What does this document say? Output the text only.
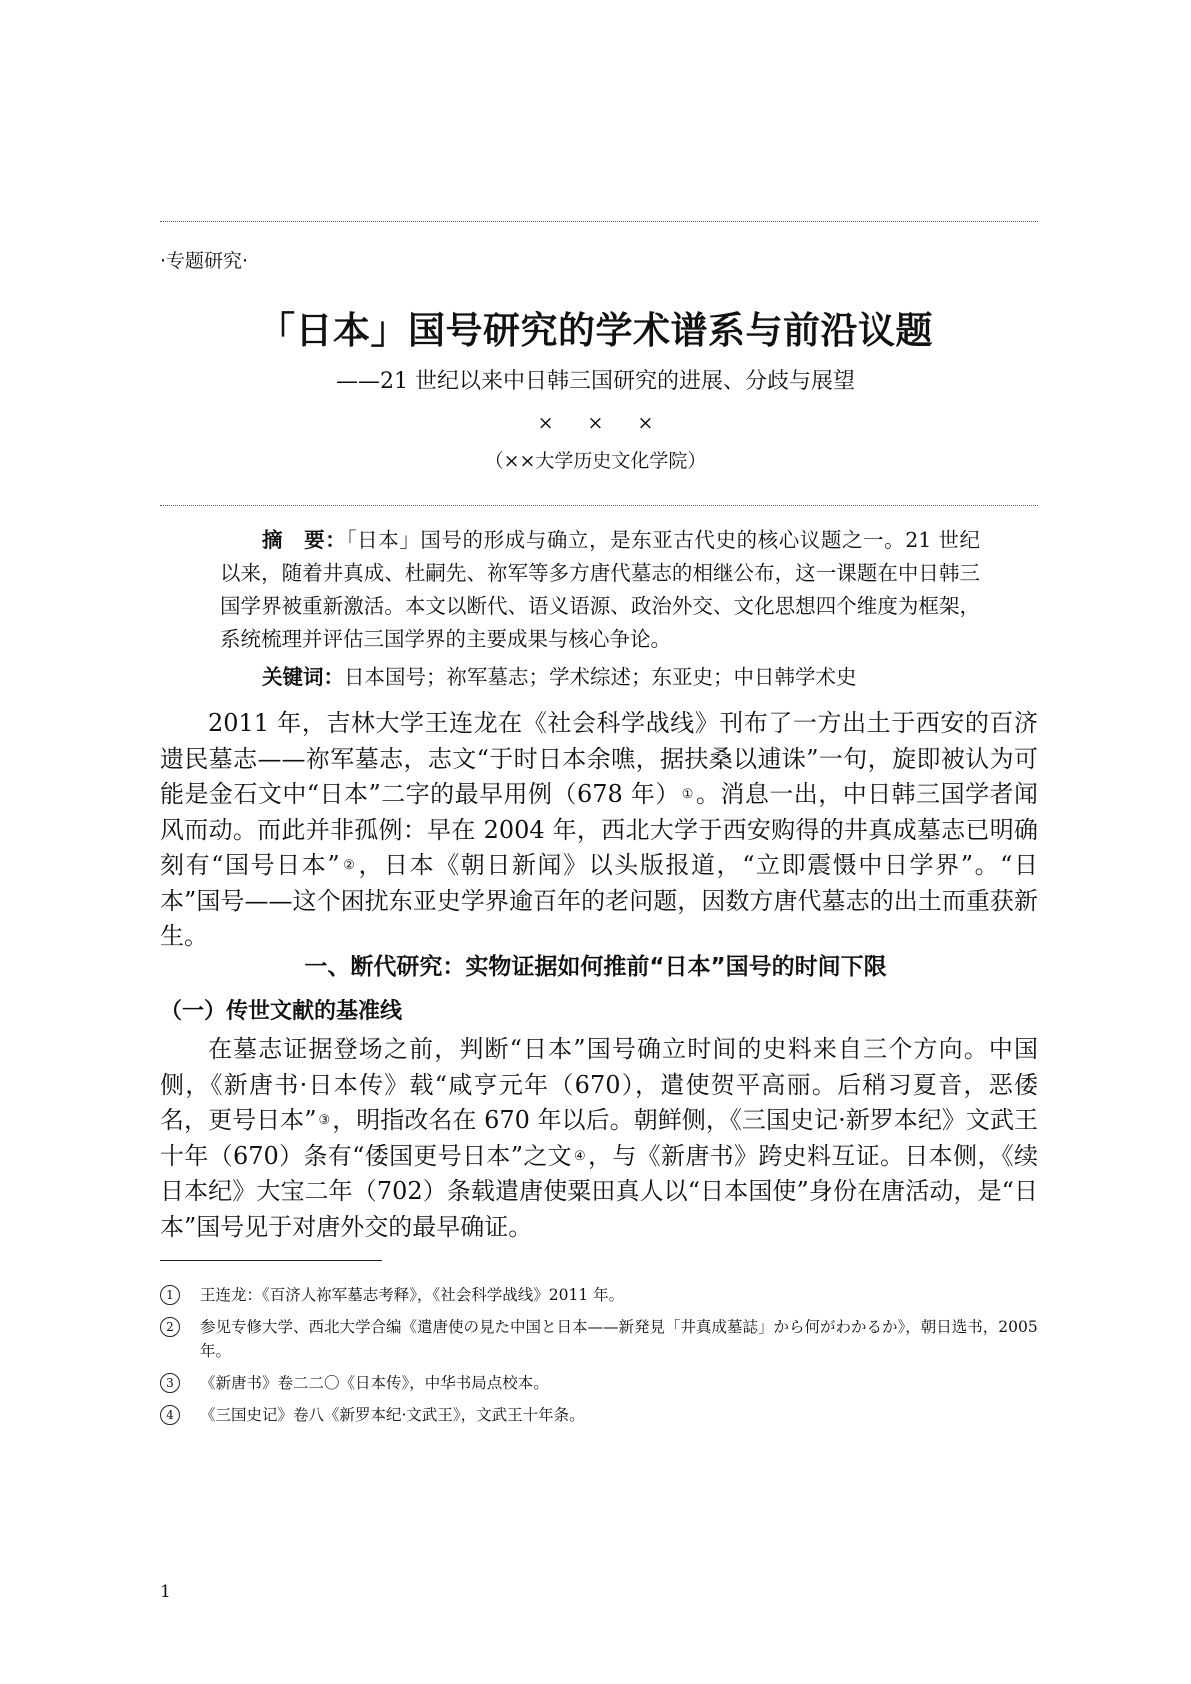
·专题研究·
「日本」国号研究的学术谱系与前沿议题
——21 世纪以来中日韩三国研究的进展、分歧与展望
× × ×
（××大学历史文化学院）
摘　要：「日本」国号的形成与确立，是东亚古代史的核心议题之一。21 世纪以来，随着井真成、杜嗣先、祢军等多方唐代墓志的相继公布，这一课题在中日韩三国学界被重新激活。本文以断代、语义语源、政治外交、文化思想四个维度为框架，系统梳理并评估三国学界的主要成果与核心争论。
关键词：日本国号；祢军墓志；学术综述；东亚史；中日韩学术史

2011 年，吉林大学王连龙在《社会科学战线》刊布了一方出土于西安的百济遗民墓志——祢军墓志，志文“于时日本余噍，据扶桑以逋诛”一句，旋即被认为可能是金石文中“日本”二字的最早用例（678 年） ①。消息一出，中日韩三国学者闻风而动。而此并非孤例：早在 2004 年，西北大学于西安购得的井真成墓志已明确刻有“国号日本” ②，日本《朝日新闻》以头版报道，“立即震慑中日学界”。“日本”国号——这个困扰东亚史学界逾百年的老问题，因数方唐代墓志的出土而重获新生。

一、断代研究：实物证据如何推前“日本”国号的时间下限
（一）传世文献的基准线

在墓志证据登场之前，判断“日本”国号确立时间的史料来自三个方向。中国侧，《新唐书·日本传》载“咸亨元年（670），遣使贺平高丽。后稍习夏音，恶倭名，更号日本” ③，明指改名在 670 年以后。朝鲜侧，《三国史记·新罗本纪》文武王十年（670）条有“倭国更号日本”之文 ④，与《新唐书》跨史料互证。日本侧，《续日本纪》大宝二年（702）条载遣唐使粟田真人以“日本国使”身份在唐活动，是“日本”国号见于对唐外交的最早确证。

1	王连龙：《百济人祢军墓志考释》，《社会科学战线》2011 年。
2	参见专修大学、西北大学合编《遣唐使の見た中国と日本——新発見「井真成墓誌」から何がわかるか》，朝日选书，2005 年。
3	《新唐书》卷二二〇《日本传》，中华书局点校本。
4	《三国史记》卷八《新罗本纪·文武王》，文武王十年条。
1
